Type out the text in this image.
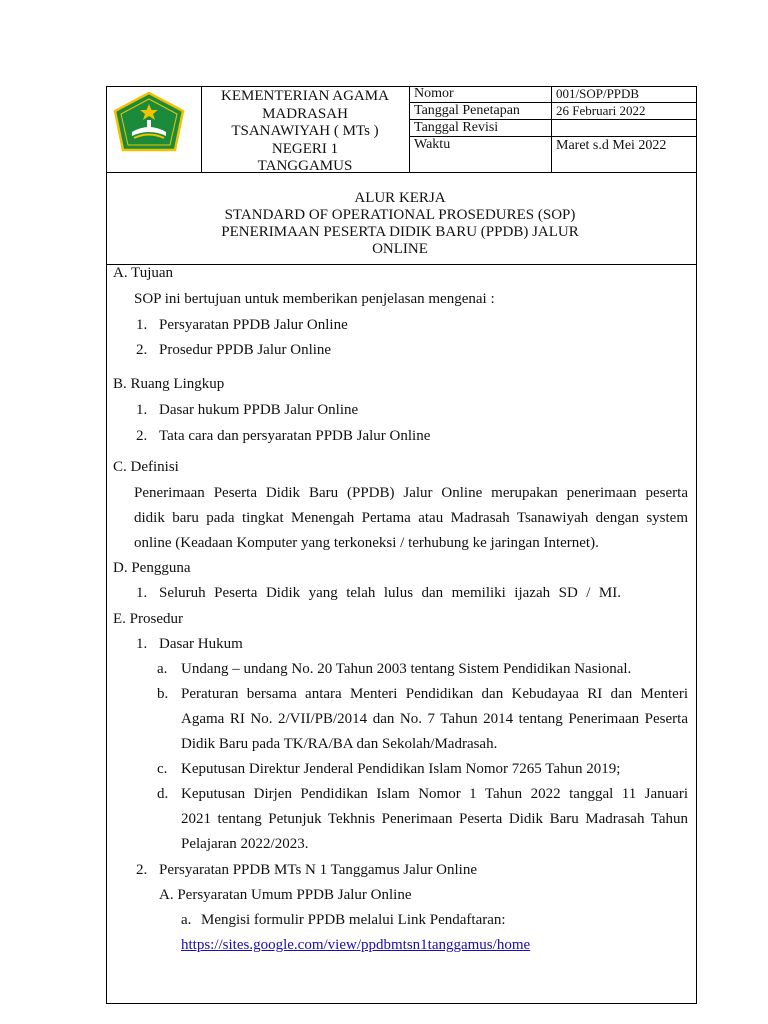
KEMENTERIAN AGAMA
MADRASAH
TSANAWIYAH ( MTs )
NEGERI 1
TANGGAMUS
Nomor	001/SOP/PPDB
Tanggal Penetapan	26 Februari 2022
Tanggal Revisi
Waktu	Maret s.d Mei 2022
ALUR KERJA
STANDARD OF OPERATIONAL PROSEDURES (SOP)
PENERIMAAN PESERTA DIDIK BARU (PPDB) JALUR
ONLINE
A. Tujuan
SOP ini bertujuan untuk memberikan penjelasan mengenai :
1. Persyaratan PPDB Jalur Online
2. Prosedur PPDB Jalur Online
B. Ruang Lingkup
1. Dasar hukum PPDB Jalur Online
2. Tata cara dan persyaratan PPDB Jalur Online
C. Definisi
Penerimaan Peserta Didik Baru (PPDB) Jalur Online merupakan penerimaan peserta
didik baru pada tingkat Menengah Pertama atau Madrasah Tsanawiyah dengan system
online (Keadaan Komputer yang terkoneksi / terhubung ke jaringan Internet).
D. Pengguna
1. Seluruh Peserta Didik yang telah lulus dan memiliki ijazah SD / MI.
E. Prosedur
1. Dasar Hukum
a. Undang – undang No. 20 Tahun 2003 tentang Sistem Pendidikan Nasional.
b. Peraturan bersama antara Menteri Pendidikan dan Kebudayaa RI dan Menteri
Agama RI No. 2/VII/PB/2014 dan No. 7 Tahun 2014 tentang Penerimaan Peserta
Didik Baru pada TK/RA/BA dan Sekolah/Madrasah.
c. Keputusan Direktur Jenderal Pendidikan Islam Nomor 7265 Tahun 2019;
d. Keputusan Dirjen Pendidikan Islam Nomor 1 Tahun 2022 tanggal 11 Januari
2021 tentang Petunjuk Tekhnis Penerimaan Peserta Didik Baru Madrasah Tahun
Pelajaran 2022/2023.
2. Persyaratan PPDB MTs N 1 Tanggamus Jalur Online
A. Persyaratan Umum PPDB Jalur Online
a. Mengisi formulir PPDB melalui Link Pendaftaran:
https://sites.google.com/view/ppdbmtsn1tanggamus/home
